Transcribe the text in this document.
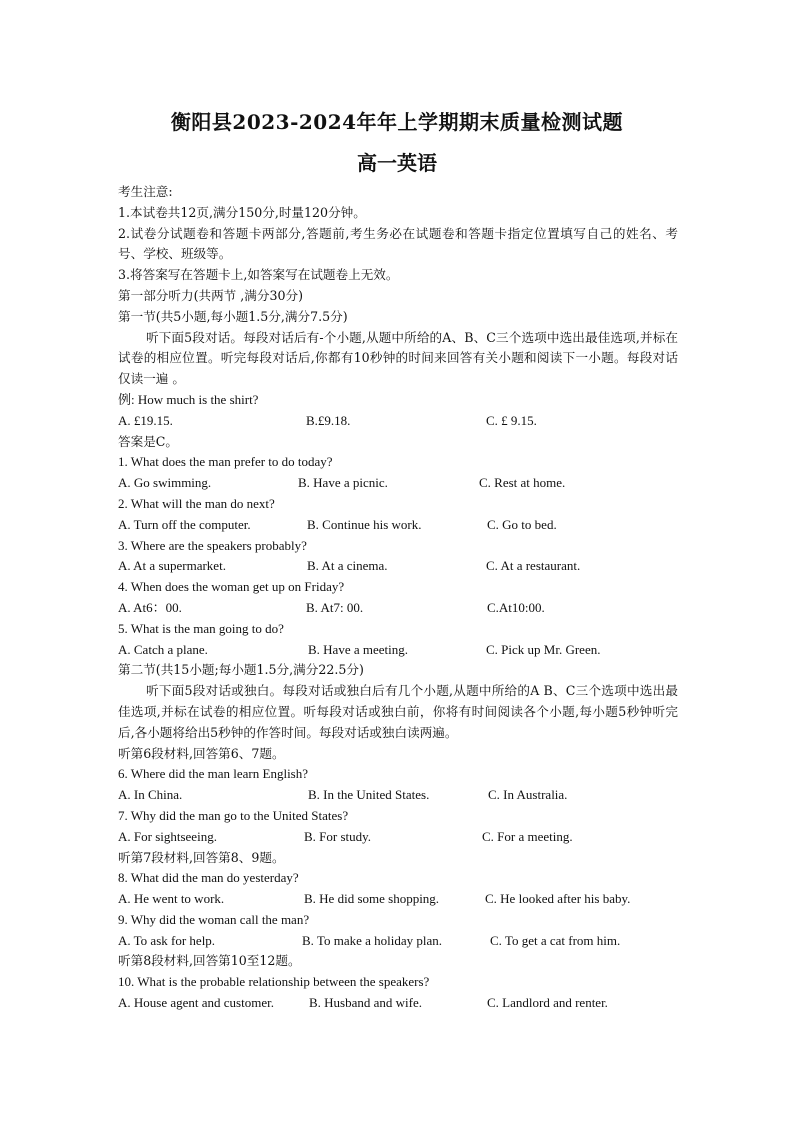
衡阳县2023-2024年年上学期期末质量检测试题
高一英语
考生注意:
1.本试卷共12页,满分150分,时量120分钟。
2.试卷分试题卷和答题卡两部分,答题前,考生务必在试题卷和答题卡指定位置填写自己的姓名、考号、学校、班级等。
3.将答案写在答题卡上,如答案写在试题卷上无效。
第一部分听力(共两节 ,满分30分)
第一节(共5小题,每小题1.5分,满分7.5分)
听下面5段对话。每段对话后有-个小题,从题中所给的A、B、C三个选项中选出最佳选项,并标在试卷的相应位置。听完每段对话后,你都有10秒钟的时间来回答有关小题和阅读下一小题。每段对话仅读一遍 。
例: How much is the shirt?
A. £19.15.	B.£9.18.	C. £ 9.15.
答案是C。
1. What does the man prefer to do today?
A. Go swimming.	B. Have a picnic.	C. Rest at home.
2. What will the man do next?
A. Turn off the computer.	B. Continue his work.	C. Go to bed.
3. Where are the speakers probably?
A. At a supermarket.	B. At a cinema.	C. At a restaurant.
4. When does the woman get up on Friday?
A. At6：00.	B. At7: 00.	C.At10:00.
5. What is the man going to do?
A. Catch a plane.	B. Have a meeting.	C. Pick up Mr. Green.
第二节(共15小题;每小题1.5分,满分22.5分)
听下面5段对话或独白。每段对话或独白后有几个小题,从题中所给的A B、C三个选项中选出最佳选项,并标在试卷的相应位置。听每段对话或独白前，你将有时间阅读各个小题,每小题5秒钟听完后,各小题将给出5秒钟的作答时间。每段对话或独白读两遍。
听第6段材料,回答第6、7题。
6. Where did the man learn English?
A. In China.	B. In the United States.	C. In Australia.
7. Why did the man go to the United States?
A. For sightseeing.	B. For study.	C. For a meeting.
听第7段材料,回答第8、9题。
8. What did the man do yesterday?
A. He went to work.	B. He did some shopping.	C. He looked after his baby.
9. Why did the woman call the man?
A. To ask for help.	B. To make a holiday plan.	C. To get a cat from him.
听第8段材料,回答第10至12题。
10. What is the probable relationship between the speakers?
A. House agent and customer.	B. Husband and wife.	C. Landlord and renter.
